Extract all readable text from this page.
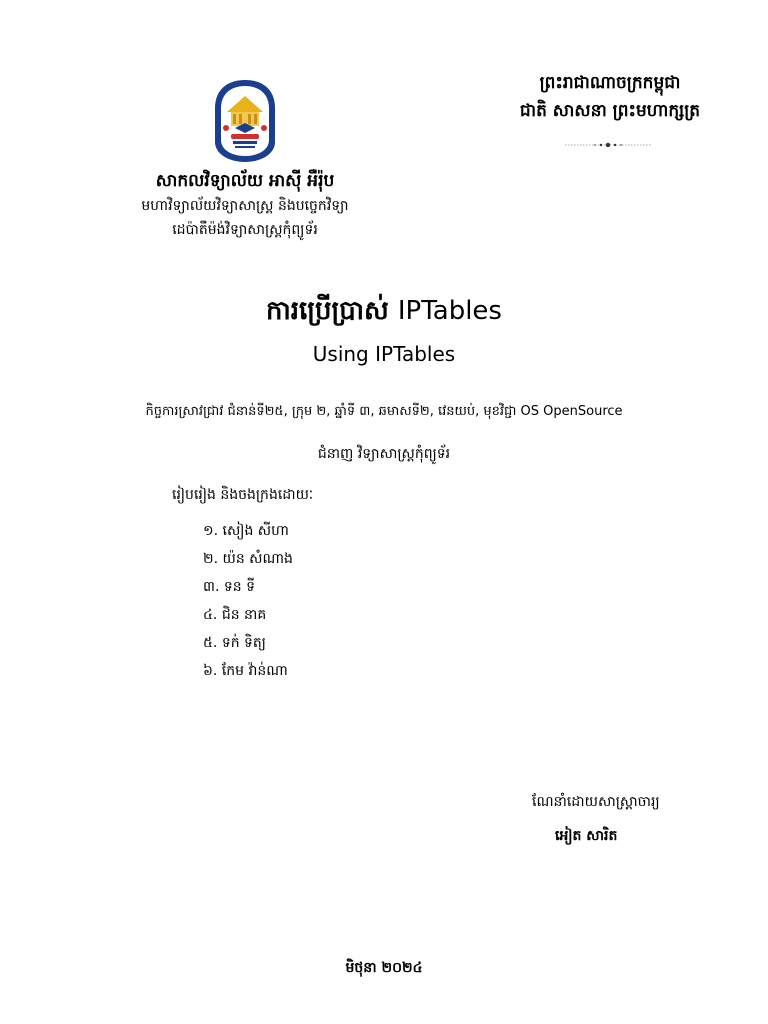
សាកលវិទ្យាល័យ អាស៊ី អឺរ៉ុប
មហាវិទ្យាល័យវិទ្យាសាស្ត្រ និងបច្ចេកវិទ្យា
ដេប៉ាតឺម៉ង់វិទ្យាសាស្ត្រកុំព្យូទ័រ
ព្រះរាជាណាចក្រកម្ពុជា
ជាតិ សាសនា ព្រះមហាក្សត្រ
ការប្រើប្រាស់ IPTables
Using IPTables
កិច្ចការស្រាវជ្រាវ ជំនាន់ទី២៥, ក្រុម ២, ឆ្នាំទី ៣, ឆមាសទី២, វេនយប់, មុខវិជ្ជា OS OpenSource
ជំនាញ វិទ្យាសាស្ត្រកុំព្យូទ័រ
រៀបរៀង និងចងក្រងដោយៈ
១. សៀង សីហា
២. យ៉ន សំណាង
៣. ទន ទី
៤. ជិន នាគ
៥. ទក់ ទិត្យ
៦. កែម វ៉ាន់ណា
ណែនាំដោយសាស្ត្រាចារ្យ
អៀត សារិត
មិថុនា ២០២៤
